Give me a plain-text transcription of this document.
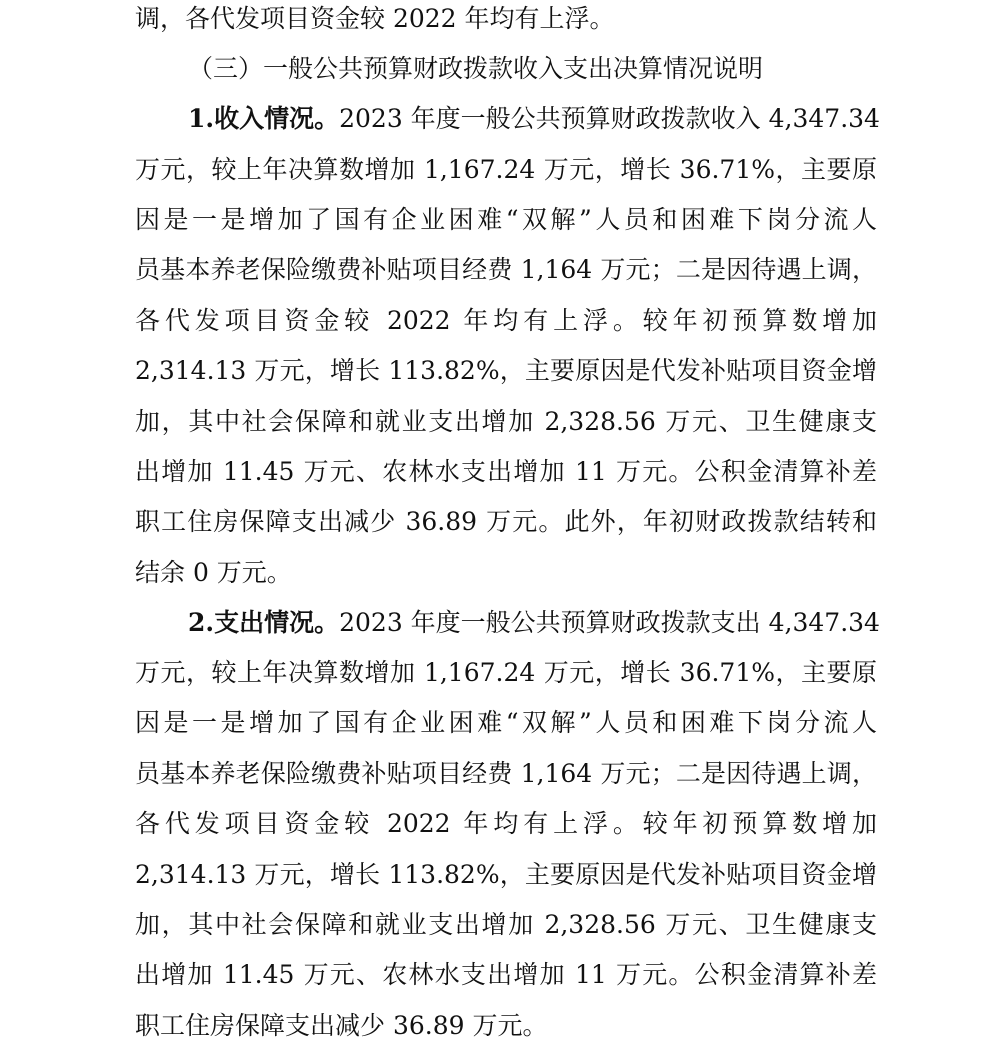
调，各代发项目资金较 2022 年均有上浮。
（三）一般公共预算财政拨款收入支出决算情况说明
1.收入情况。2023 年度一般公共预算财政拨款收入 4,347.34
万元，较上年决算数增加 1,167.24 万元，增长 36.71%，主要原
因是一是增加了国有企业困难“双解”人员和困难下岗分流人
员基本养老保险缴费补贴项目经费 1,164 万元；二是因待遇上调，
各代发项目资金较 2022 年均有上浮。较年初预算数增加
2,314.13 万元，增长 113.82%，主要原因是代发补贴项目资金增
加，其中社会保障和就业支出增加 2,328.56 万元、卫生健康支
出增加 11.45 万元、农林水支出增加 11 万元。公积金清算补差
职工住房保障支出减少 36.89 万元。此外，年初财政拨款结转和
结余 0 万元。
2.支出情况。2023 年度一般公共预算财政拨款支出 4,347.34
万元，较上年决算数增加 1,167.24 万元，增长 36.71%，主要原
因是一是增加了国有企业困难“双解”人员和困难下岗分流人
员基本养老保险缴费补贴项目经费 1,164 万元；二是因待遇上调，
各代发项目资金较 2022 年均有上浮。较年初预算数增加
2,314.13 万元，增长 113.82%，主要原因是代发补贴项目资金增
加，其中社会保障和就业支出增加 2,328.56 万元、卫生健康支
出增加 11.45 万元、农林水支出增加 11 万元。公积金清算补差
职工住房保障支出减少 36.89 万元。
